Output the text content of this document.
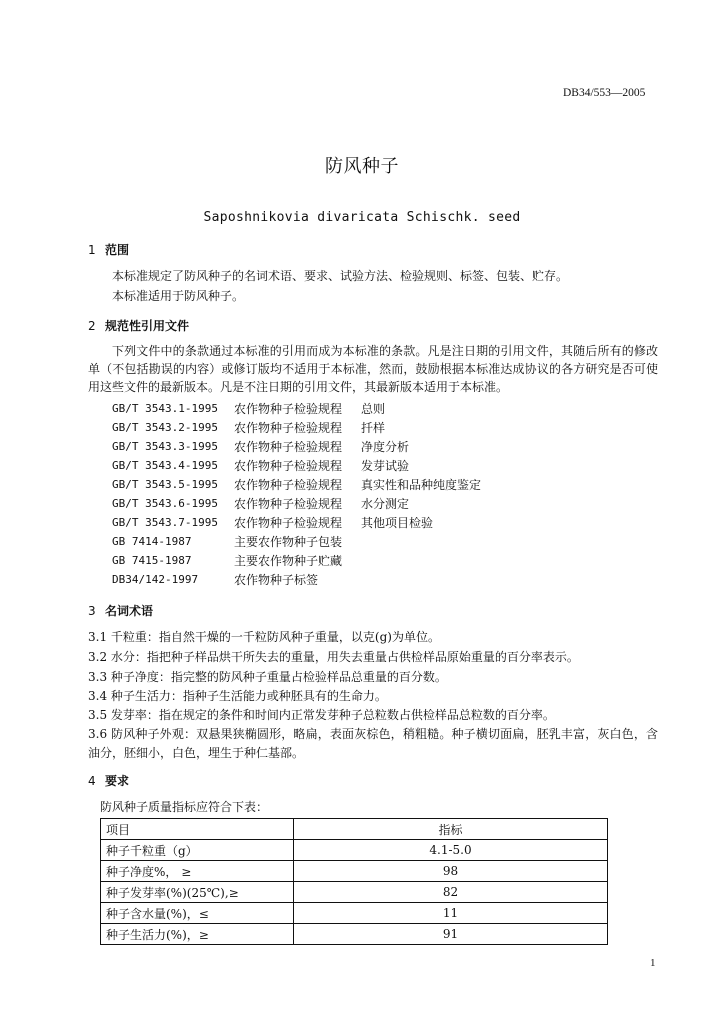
DB34/553—2005
防风种子
Saposhnikovia divaricata Schischk. seed
1 范围
本标准规定了防风种子的名词术语、要求、试验方法、检验规则、标签、包装、贮存。
本标准适用于防风种子。
2 规范性引用文件
下列文件中的条款通过本标准的引用而成为本标准的条款。凡是注日期的引用文件，其随后所有的修改单（不包括勘误的内容）或修订版均不适用于本标准，然而，鼓励根据本标准达成协议的各方研究是否可使用这些文件的最新版本。凡是不注日期的引用文件，其最新版本适用于本标准。
GB/T 3543.1-1995 农作物种子检验规程 总则
GB/T 3543.2-1995 农作物种子检验规程 扦样
GB/T 3543.3-1995 农作物种子检验规程 净度分析
GB/T 3543.4-1995 农作物种子检验规程 发芽试验
GB/T 3543.5-1995 农作物种子检验规程 真实性和品种纯度鉴定
GB/T 3543.6-1995 农作物种子检验规程 水分测定
GB/T 3543.7-1995 农作物种子检验规程 其他项目检验
GB 7414-1987	主要农作物种子包装
GB 7415-1987	主要农作物种子贮藏
DB34/142-1997	农作物种子标签
3 名词术语
3.1 千粒重：指自然干燥的一千粒防风种子重量，以克(g)为单位。
3.2 水分：指把种子样品烘干所失去的重量，用失去重量占供检样品原始重量的百分率表示。
3.3 种子净度：指完整的防风种子重量占检验样品总重量的百分数。
3.4 种子生活力：指种子生活能力或种胚具有的生命力。
3.5 发芽率：指在规定的条件和时间内正常发芽种子总粒数占供检样品总粒数的百分率。
3.6 防风种子外观：双悬果狭椭圆形，略扁，表面灰棕色，稍粗糙。种子横切面扁，胚乳丰富，灰白色，含油分，胚细小，白色，埋生于种仁基部。
4 要求
防风种子质量指标应符合下表：
项目	指标
种子千粒重（g）	4.1-5.0
种子净度%， ≥	98
种子发芽率(%)(25℃),≥	82
种子含水量(%)，≤	11
种子生活力(%)，≥	91
1
